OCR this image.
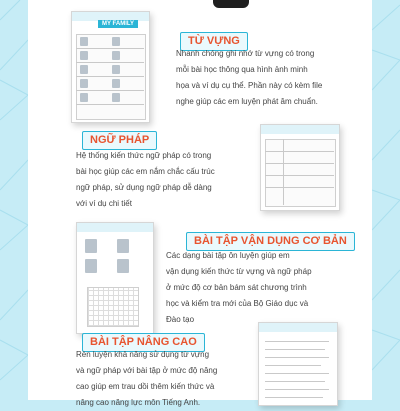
MY FAMILY
TỪ VỰNG

Nhanh chóng ghi nhớ từ vựng có trong
mỗi bài học thông qua hình ảnh minh
họa và ví dụ cụ thể. Phần này có kèm file
nghe giúp các em luyện phát âm chuẩn.

NGỮ PHÁP

Hệ thống kiến thức ngữ pháp có trong
bài học giúp các em nắm chắc cấu trúc
ngữ pháp, sử dụng ngữ pháp dễ dàng
với ví dụ chi tiết

BÀI TẬP VẬN DỤNG CƠ BẢN

Các dạng bài tập ôn luyện giúp em
vận dụng kiến thức từ vựng và ngữ pháp
ở mức độ cơ bản bám sát chương trình
học và kiểm tra mới của Bộ Giáo dục và
Đào tạo

BÀI TẬP NÂNG CAO

Rèn luyện khả năng sử dụng từ vựng
và ngữ pháp với bài tập ở mức độ nâng
cao giúp em trau dồi thêm kiến thức và
nâng cao năng lực môn Tiếng Anh.
